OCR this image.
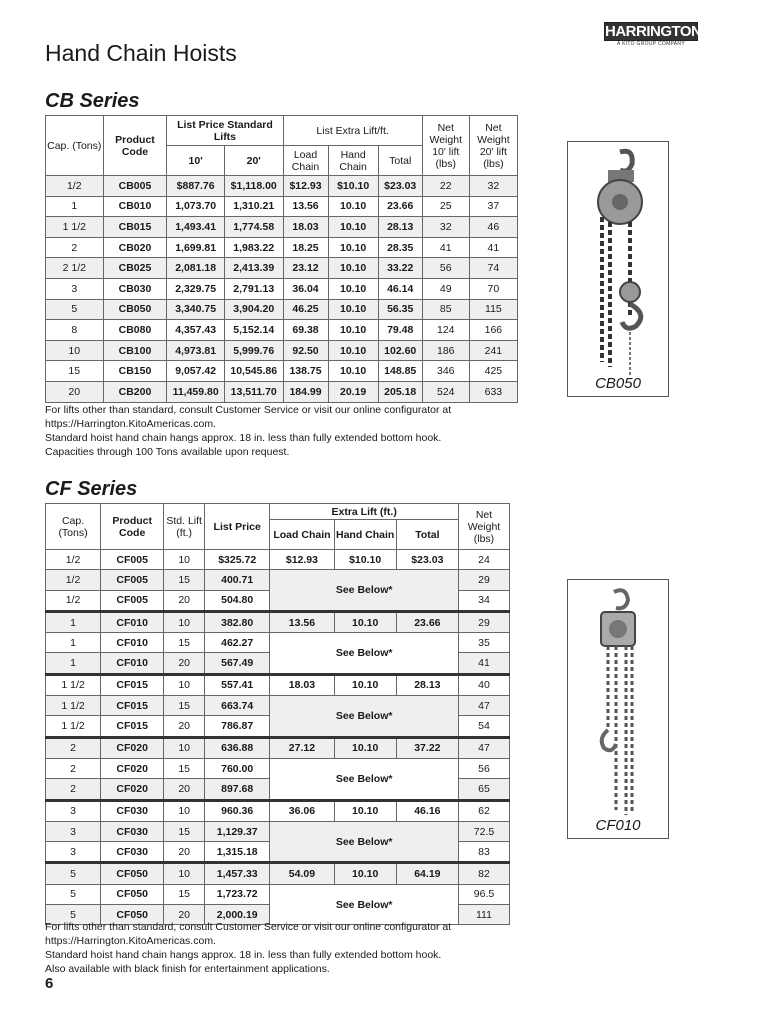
HARRINGTON
A KITO GROUP COMPANY
Hand Chain Hoists
CB Series
Cap. (Tons)	Product Code	List Price Standard Lifts		List Extra Lift/ft.			Net Weight 10' lift (lbs)	Net Weight 20' lift (lbs)
		10'	20'	Load Chain	Hand Chain	Total		
1/2	CB005	$887.76	$1,118.00	$12.93	$10.10	$23.03	22	32
1	CB010	1,073.70	1,310.21	13.56	10.10	23.66	25	37
1 1/2	CB015	1,493.41	1,774.58	18.03	10.10	28.13	32	46
2	CB020	1,699.81	1,983.22	18.25	10.10	28.35	41	41
2 1/2	CB025	2,081.18	2,413.39	23.12	10.10	33.22	56	74
3	CB030	2,329.75	2,791.13	36.04	10.10	46.14	49	70
5	CB050	3,340.75	3,904.20	46.25	10.10	56.35	85	115
8	CB080	4,357.43	5,152.14	69.38	10.10	79.48	124	166
10	CB100	4,973.81	5,999.76	92.50	10.10	102.60	186	241
15	CB150	9,057.42	10,545.86	138.75	10.10	148.85	346	425
20	CB200	11,459.80	13,511.70	184.99	20.19	205.18	524	633
For lifts other than standard, consult Customer Service or visit our online configurator at https://Harrington.KitoAmericas.com.
Standard hoist hand chain hangs approx. 18 in. less than fully extended bottom hook.
Capacities through 100 Tons available upon request.
CB050
CF Series
Cap. (Tons)	Product Code	Std. Lift (ft.)	List Price	Extra Lift (ft.)			Net Weight (lbs)
				Load Chain	Hand Chain	Total	
1/2	CF005	10	$325.72	$12.93	$10.10	$23.03	24
1/2	CF005	15	400.71	See Below*			29
1/2	CF005	20	504.80				34
1	CF010	10	382.80	13.56	10.10	23.66	29
1	CF010	15	462.27	See Below*			35
1	CF010	20	567.49				41
1 1/2	CF015	10	557.41	18.03	10.10	28.13	40
1 1/2	CF015	15	663.74	See Below*			47
1 1/2	CF015	20	786.87				54
2	CF020	10	636.88	27.12	10.10	37.22	47
2	CF020	15	760.00	See Below*			56
2	CF020	20	897.68				65
3	CF030	10	960.36	36.06	10.10	46.16	62
3	CF030	15	1,129.37	See Below*			72.5
3	CF030	20	1,315.18				83
5	CF050	10	1,457.33	54.09	10.10	64.19	82
5	CF050	15	1,723.72	See Below*			96.5
5	CF050	20	2,000.19				111
For lifts other than standard, consult Customer Service or visit our online configurator at https://Harrington.KitoAmericas.com.
Standard hoist hand chain hangs approx. 18 in. less than fully extended bottom hook.
Also available with black finish for entertainment applications.
CF010
6
